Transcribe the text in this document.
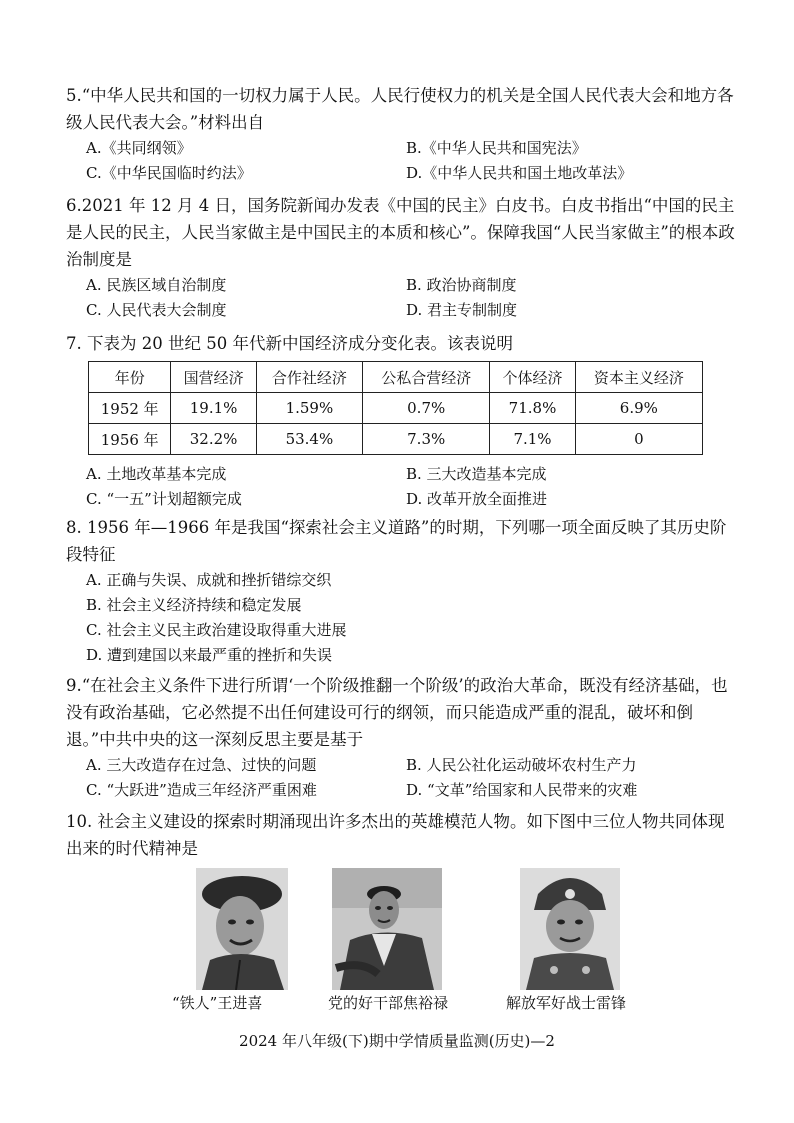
5.“中华人民共和国的一切权力属于人民。人民行使权力的机关是全国人民代表大会和地方各级人民代表大会。”材料出自

A.《共同纲领》	B.《中华人民共和国宪法》
C.《中华民国临时约法》	D.《中华人民共和国土地改革法》

6.2021 年 12 月 4 日，国务院新闻办发表《中国的民主》白皮书。白皮书指出“中国的民主是人民的民主，人民当家做主是中国民主的本质和核心”。保障我国“人民当家做主”的根本政治制度是

A. 民族区域自治制度	B. 政治协商制度
C. 人民代表大会制度	D. 君主专制制度

7. 下表为 20 世纪 50 年代新中国经济成分变化表。该表说明

年份	国营经济	合作社经济	公私合营经济	个体经济	资本主义经济
1952 年	19.1%	1.59%	0.7%	71.8%	6.9%
1956 年	32.2%	53.4%	7.3%	7.1%	0
A. 土地改革基本完成	B. 三大改造基本完成
C. “一五”计划超额完成	D. 改革开放全面推进

8. 1956 年—1966 年是我国“探索社会主义道路”的时期，下列哪一项全面反映了其历史阶段特征

A. 正确与失误、成就和挫折错综交织
B. 社会主义经济持续和稳定发展
C. 社会主义民主政治建设取得重大进展
D. 遭到建国以来最严重的挫折和失误

9.“在社会主义条件下进行所谓‘一个阶级推翻一个阶级’的政治大革命，既没有经济基础，也没有政治基础，它必然提不出任何建设可行的纲领，而只能造成严重的混乱，破坏和倒退。”中共中央的这一深刻反思主要是基于

A. 三大改造存在过急、过快的问题	B. 人民公社化运动破坏农村生产力
C. “大跃进”造成三年经济严重困难	D. “文革”给国家和人民带来的灾难

10. 社会主义建设的探索时期涌现出许多杰出的英雄模范人物。如下图中三位人物共同体现出来的时代精神是

“铁人”王进喜	党的好干部焦裕禄	解放军好战士雷锋
2024 年八年级(下)期中学情质量监测(历史)—2
